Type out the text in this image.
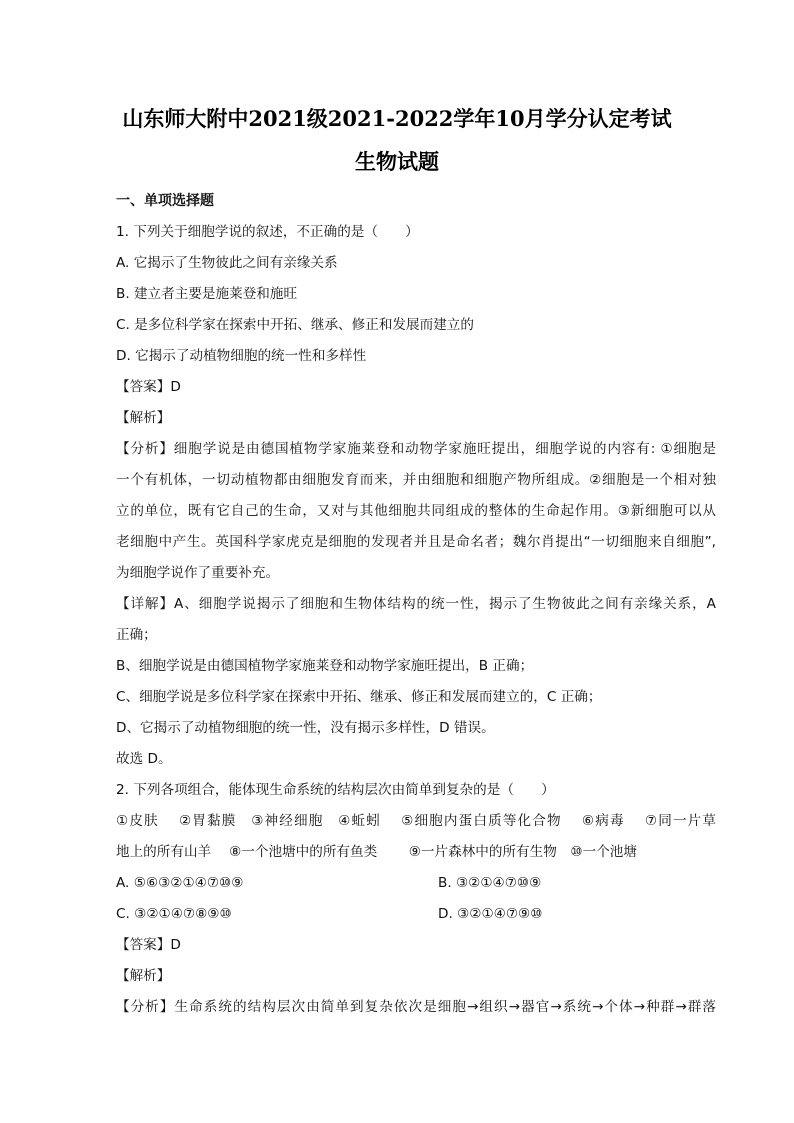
山东师大附中2021级2021-2022学年10月学分认定考试
生物试题
一、单项选择题
1. 下列关于细胞学说的叙述，不正确的是（　　）
A. 它揭示了生物彼此之间有亲缘关系
B. 建立者主要是施莱登和施旺
C. 是多位科学家在探索中开拓、继承、修正和发展而建立的
D. 它揭示了动植物细胞的统一性和多样性
【答案】D
【解析】
【分析】细胞学说是由德国植物学家施莱登和动物学家施旺提出，细胞学说的内容有: ①细胞是
一个有机体，一切动植物都由细胞发育而来，并由细胞和细胞产物所组成。②细胞是一个相对独
立的单位，既有它自己的生命，又对与其他细胞共同组成的整体的生命起作用。③新细胞可以从
老细胞中产生。英国科学家虎克是细胞的发现者并且是命名者；魏尔肖提出“一切细胞来自细胞”,
为细胞学说作了重要补充。
【详解】A、细胞学说揭示了细胞和生物体结构的统一性，揭示了生物彼此之间有亲缘关系，A
正确；
B、细胞学说是由德国植物学家施莱登和动物学家施旺提出，B 正确；
C、细胞学说是多位科学家在探索中开拓、继承、修正和发展而建立的，C 正确；
D、它揭示了动植物细胞的统一性，没有揭示多样性，D 错误。
故选 D。
2. 下列各项组合，能体现生命系统的结构层次由简单到复杂的是（　　）
①皮肤　 ②胃黏膜　③神经细胞　④蚯蚓　 ⑤细胞内蛋白质等化合物　 ⑥病毒　 ⑦同一片草
地上的所有山羊　 ⑧一个池塘中的所有鱼类　　 ⑨一片森林中的所有生物　⑩一个池塘
A. ⑤⑥③②①④⑦⑩⑨	B. ③②①④⑦⑩⑨
C. ③②①④⑦⑧⑨⑩	D. ③②①④⑦⑨⑩
【答案】D
【解析】
【分析】生命系统的结构层次由简单到复杂依次是细胞→组织→器官→系统→个体→种群→群落
